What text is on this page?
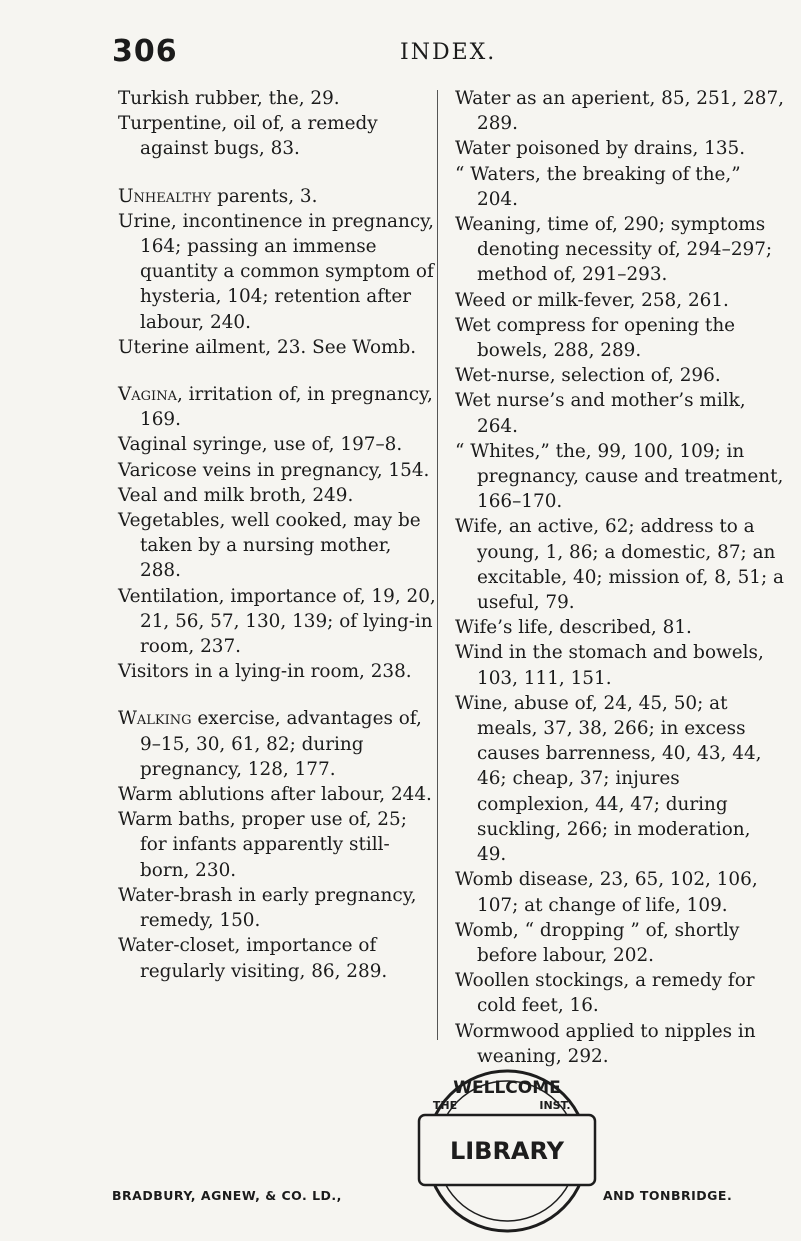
306	INDEX.

Turkish rubber, the, 29.

Turpentine, oil of, a remedy against bugs, 83.

Unhealthy parents, 3.

Urine, incontinence in pregnancy, 164; passing an immense quantity a common symptom of hysteria, 104; retention after labour, 240.

Uterine ailment, 23. See Womb.

Vagina, irritation of, in pregnancy, 169.

Vaginal syringe, use of, 197–8.

Varicose veins in pregnancy, 154.

Veal and milk broth, 249.

Vegetables, well cooked, may be taken by a nursing mother, 288.

Ventilation, importance of, 19, 20, 21, 56, 57, 130, 139; of lying-in room, 237.

Visitors in a lying-in room, 238.

Walking exercise, advantages of, 9–15, 30, 61, 82; during pregnancy, 128, 177.

Warm ablutions after labour, 244.

Warm baths, proper use of, 25; for infants apparently still-born, 230.

Water-brash in early pregnancy, remedy, 150.

Water-closet, importance of regularly visiting, 86, 289.

Water as an aperient, 85, 251, 287, 289.

Water poisoned by drains, 135.

“ Waters, the breaking of the,” 204.

Weaning, time of, 290; symptoms denoting necessity of, 294–297; method of, 291–293.

Weed or milk-fever, 258, 261.

Wet compress for opening the bowels, 288, 289.

Wet-nurse, selection of, 296.

Wet nurse’s and mother’s milk, 264.

“ Whites,” the, 99, 100, 109; in pregnancy, cause and treatment, 166–170.

Wife, an active, 62; address to a young, 1, 86; a domestic, 87; an excitable, 40; mission of, 8, 51; a useful, 79.

Wife’s life, described, 81.

Wind in the stomach and bowels, 103, 111, 151.

Wine, abuse of, 24, 45, 50; at meals, 37, 38, 266; in excess causes barrenness, 40, 43, 44, 46; cheap, 37; injures complexion, 44, 47; during suckling, 266; in moderation, 49.

Womb disease, 23, 65, 102, 106, 107; at change of life, 109.

Womb, “ dropping ” of, shortly before labour, 202.

Woollen stockings, a remedy for cold feet, 16.

Wormwood applied to nipples in weaning, 292.

WELLCOME
THE	INST.
LIBRARY
BRADBURY, AGNEW, & CO. LD.,	AND TONBRIDGE.
